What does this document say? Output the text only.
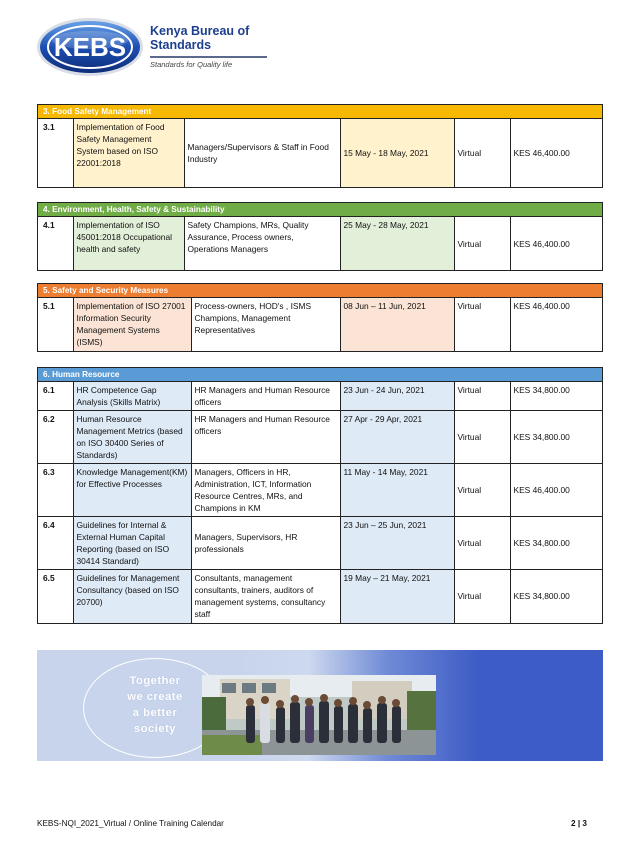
KEBS
Kenya Bureau of
Standards
Standards for Quality life
3. Food Safety Management
3.1	Implementation of Food Safety Management System based on ISO 22001:2018	Managers/Supervisors & Staff in Food Industry	15 May - 18 May, 2021	Virtual	KES 46,400.00
4. Environment, Health, Safety & Sustainability
4.1	Implementation of ISO 45001:2018 Occupational health and safety	Safety Champions, MRs, Quality Assurance, Process owners, Operations Managers	25 May - 28 May, 2021	Virtual	KES 46,400.00
5. Safety and Security Measures
5.1	Implementation of ISO 27001 Information Security Management Systems (ISMS)	Process-owners, HOD's , ISMS Champions, Management Representatives	08 Jun – 11 Jun, 2021	Virtual	KES 46,400.00
6. Human Resource
6.1	HR Competence Gap Analysis (Skills Matrix)	HR Managers and Human Resource officers	23 Jun - 24 Jun, 2021	Virtual	KES 34,800.00
6.2	Human Resource Management Metrics (based on ISO 30400 Series of Standards)	HR Managers and Human Resource officers	27 Apr - 29 Apr, 2021	Virtual	KES 34,800.00
6.3	Knowledge Management(KM) for Effective Processes	Managers, Officers in HR, Administration, ICT, Information Resource Centres, MRs, and Champions in KM	11 May - 14 May, 2021	Virtual	KES 46,400.00
6.4	Guidelines for Internal & External Human Capital Reporting (based on ISO 30414 Standard)	Managers, Supervisors, HR professionals	23 Jun – 25 Jun, 2021	Virtual	KES 34,800.00
6.5	Guidelines for Management Consultancy (based on ISO 20700)	Consultants, management consultants, trainers, auditors of management systems, consultancy staff	19 May – 21 May, 2021	Virtual	KES 34,800.00
Together
we create
a better
society
KEBS-NQI_2021_Virtual / Online Training Calendar	2 | 3
